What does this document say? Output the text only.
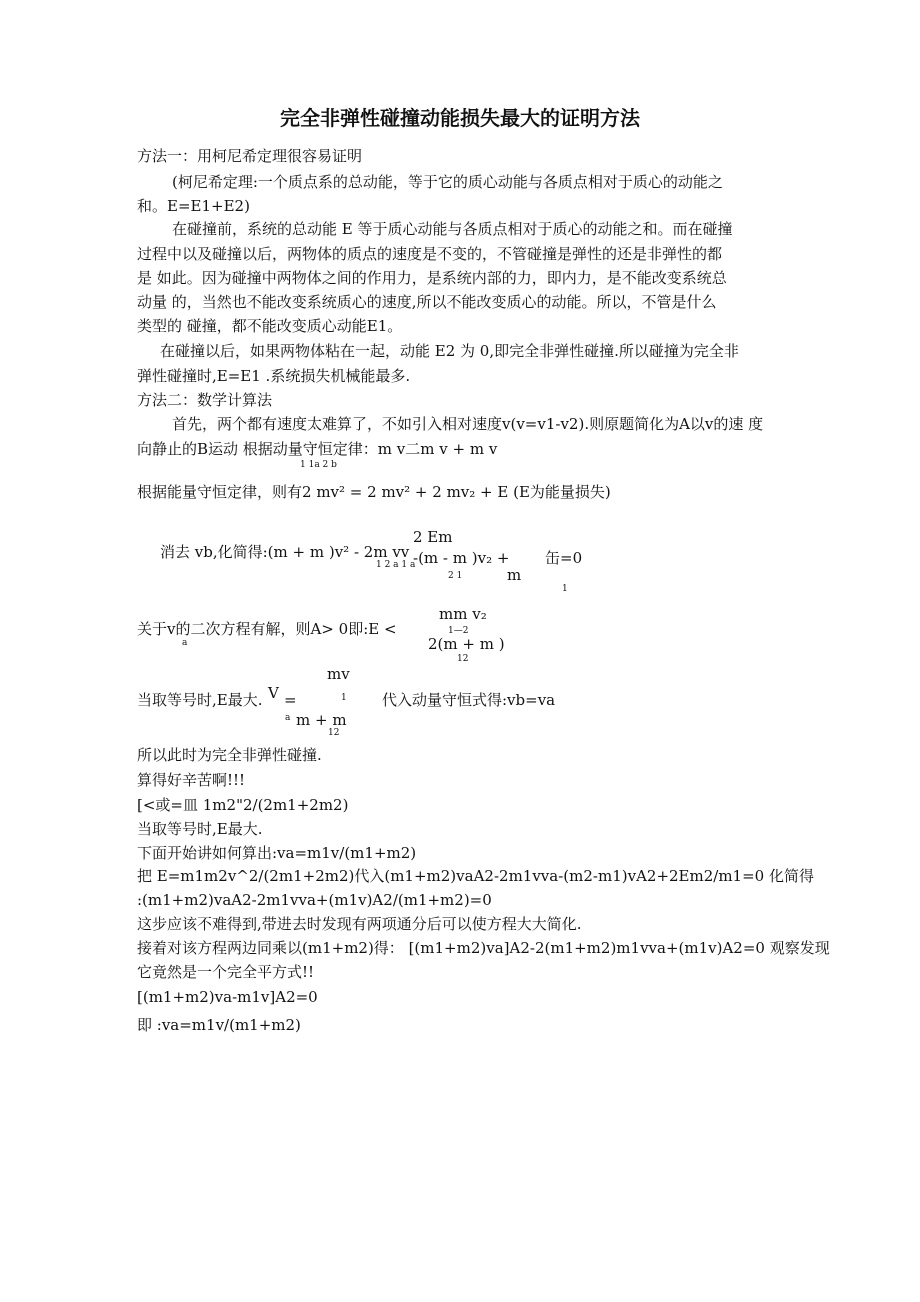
完全非弹性碰撞动能损失最大的证明方法
方法一：用柯尼希定理很容易证明
(柯尼希定理:一个质点系的总动能，等于它的质心动能与各质点相对于质心的动能之
和。E=E1+E2)
在碰撞前，系统的总动能 E 等于质心动能与各质点相对于质心的动能之和。而在碰撞
过程中以及碰撞以后，两物体的质点的速度是不变的，不管碰撞是弹性的还是非弹性的都
是 如此。因为碰撞中两物体之间的作用力，是系统内部的力，即内力，是不能改变系统总
动量 的，当然也不能改变系统质心的速度,所以不能改变质心的动能。所以，不管是什么
类型的 碰撞，都不能改变质心动能E1。
在碰撞以后，如果两物体粘在一起，动能 E2 为 0,即完全非弹性碰撞.所以碰撞为完全非
弹性碰撞时,E=E1 .系统损失机械能最多.
方法二：数学计算法
首先，两个都有速度太难算了，不如引入相对速度v(v=v1-v2).则原题简化为A以v的速 度
向静止的B运动 根据动量守恒定律：m v二m v + m v
1 1a 2 b
根据能量守恒定律，则有2 mv² = 2 mv² + 2 mv₂ + E (E为能量损失)
2 Em
消去 vb,化简得:(m + m )v² - 2m vv -(m - m )v₂ + 缶=0
1 2 a 1 a
m
2 1
1
mm v₂
关于v的二次方程有解，则A> 0即:E <	1—2
2(m + m )
a
12
mv
1
当取等号时,E最大. V =	代入动量守恒式得:vb=va
a m + m
12
所以此时为完全非弹性碰撞.
算得好辛苦啊!!!
[<或=皿 1m2"2/(2m1+2m2)
当取等号时,E最大.
下面开始讲如何算出:va=m1v/(m1+m2)
把 E=m1m2v^2/(2m1+2m2)代入(m1+m2)vaA2-2m1vva-(m2-m1)vA2+2Em2/m1=0 化简得
:(m1+m2)vaA2-2m1vva+(m1v)A2/(m1+m2)=0
这步应该不难得到,带进去时发现有两项通分后可以使方程大大简化.
接着对该方程两边同乘以(m1+m2)得： [(m1+m2)va]A2-2(m1+m2)m1vva+(m1v)A2=0 观察发现
它竟然是一个完全平方式!!
[(m1+m2)va-m1v]A2=0
即 :va=m1v/(m1+m2)
